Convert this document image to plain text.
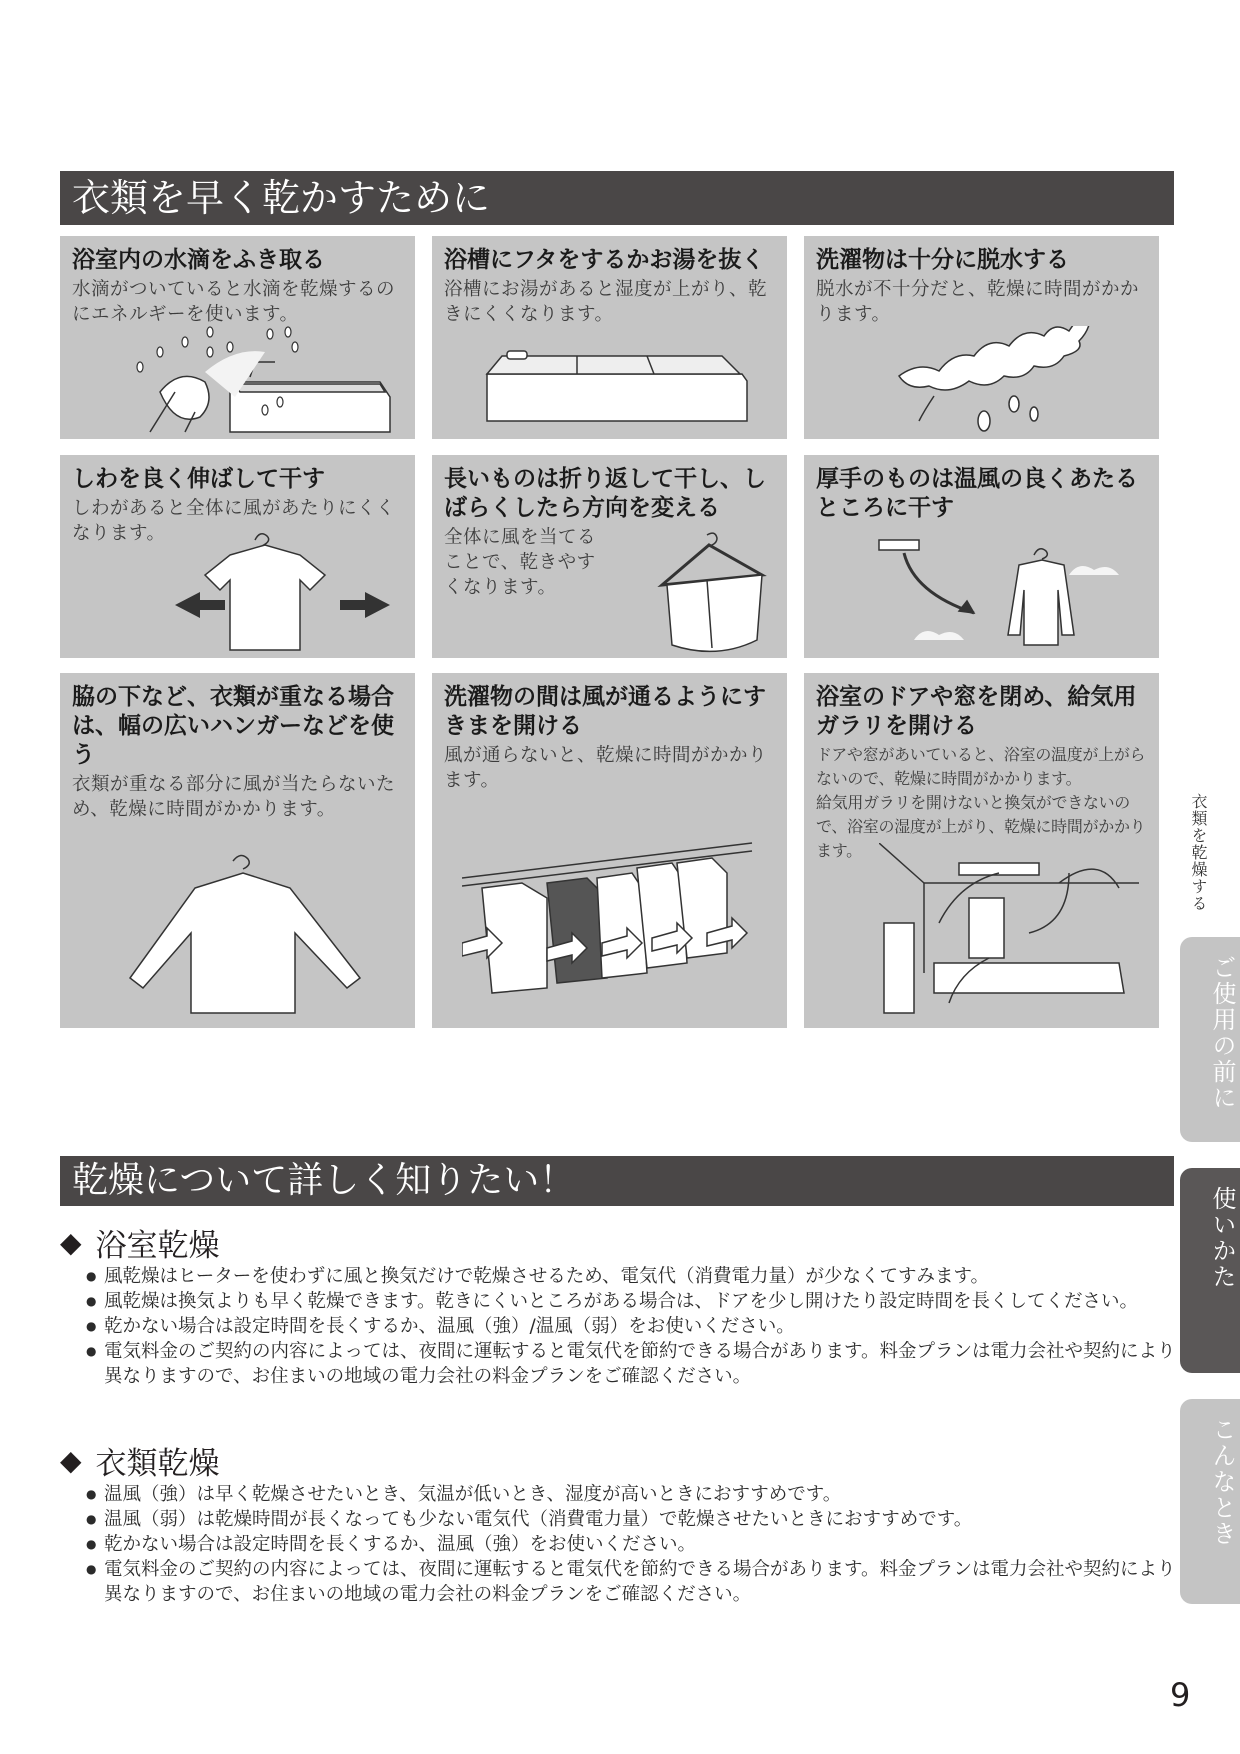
衣類を早く乾かすために
浴室内の水滴をふき取る

水滴がついていると水滴を乾燥するのにエネルギーを使います。

浴槽にフタをするかお湯を抜く

浴槽にお湯があると湿度が上がり、乾きにくくなります。

洗濯物は十分に脱水する

脱水が不十分だと、乾燥に時間がかかります。

しわを良く伸ばして干す

しわがあると全体に風があたりにくくなります。

長いものは折り返して干し、しばらくしたら方向を変える

全体に風を当てることで、乾きやすくなります。

厚手のものは温風の良くあたるところに干す
脇の下など、衣類が重なる場合は、幅の広いハンガーなどを使う

衣類が重なる部分に風が当たらないため、乾燥に時間がかかります。

洗濯物の間は風が通るようにすきまを開ける

風が通らないと、乾燥に時間がかかります。

浴室のドアや窓を閉め、給気用ガラリを開ける

ドアや窓があいていると、浴室の温度が上がらないので、乾燥に時間がかかります。

給気用ガラリを開けないと換気ができないので、浴室の湿度が上がり、乾燥に時間がかかります。

乾燥について詳しく知りたい！
◆ 浴室乾燥
● 風乾燥はヒーターを使わずに風と換気だけで乾燥させるため、電気代（消費電力量）が少なくてすみます。
● 風乾燥は換気よりも早く乾燥できます。乾きにくいところがある場合は、ドアを少し開けたり設定時間を長くしてください。
● 乾かない場合は設定時間を長くするか、温風（強）/温風（弱）をお使いください。
● 電気料金のご契約の内容によっては、夜間に運転すると電気代を節約できる場合があります。料金プランは電力会社や契約により異なりますので、お住まいの地域の電力会社の料金プランをご確認ください。
◆ 衣類乾燥
● 温風（強）は早く乾燥させたいとき、気温が低いとき、湿度が高いときにおすすめです。
● 温風（弱）は乾燥時間が長くなっても少ない電気代（消費電力量）で乾燥させたいときにおすすめです。
● 乾かない場合は設定時間を長くするか、温風（強）をお使いください。
● 電気料金のご契約の内容によっては、夜間に運転すると電気代を節約できる場合があります。料金プランは電力会社や契約により異なりますので、お住まいの地域の電力会社の料金プランをご確認ください。
衣類を乾燥する
ご使用の前に
使いかた
こんなとき
9
